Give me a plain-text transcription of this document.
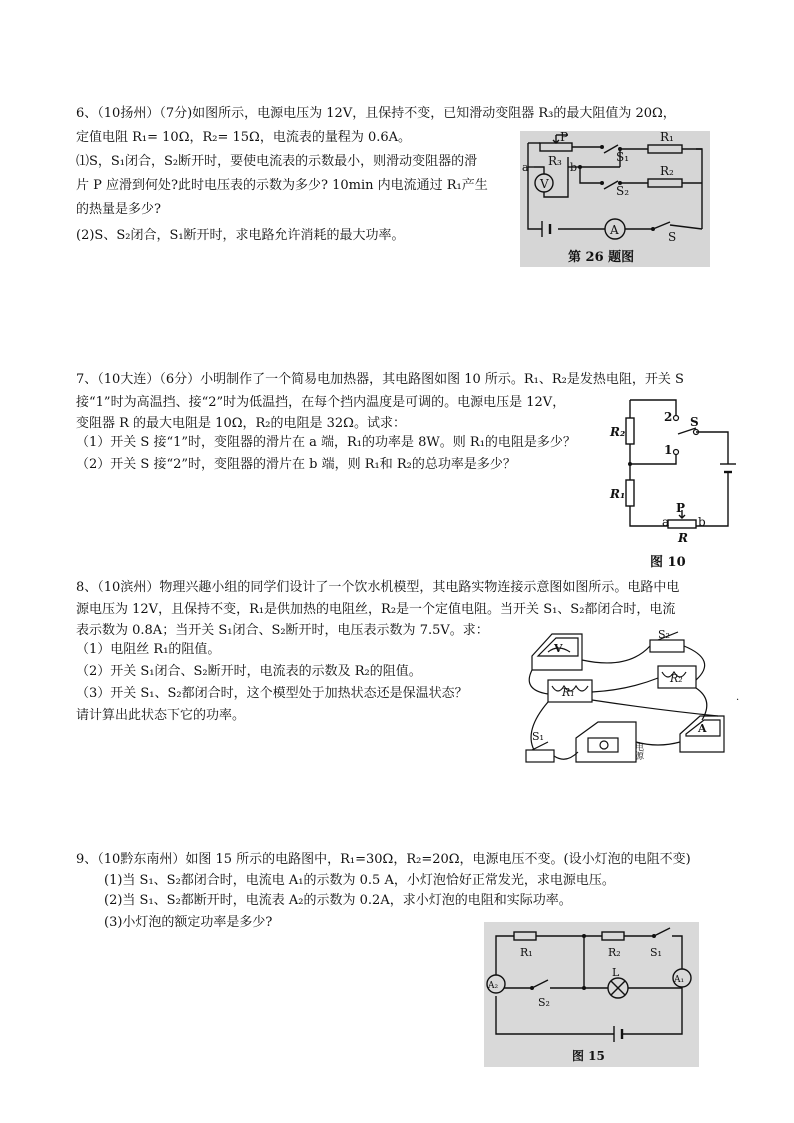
6、（10扬州）（7分)如图所示，电源电压为 12V，且保持不变，已知滑动变阻器 R₃的最大阻值为 20Ω，
定值电阻 R₁= 10Ω，R₂= 15Ω，电流表的量程为 0.6A。
⑴S，S₁闭合，S₂断开时，要使电流表的示数最小，则滑动变阻器的滑
片 P 应滑到何处?此时电压表的示数为多少? 10min 内电流通过 R₁产生
的热量是多少?
(2)S、S₂闭合，S₁断开时，求电路允许消耗的最大功率。
P
R₃
a	b
V
S₁
S₂
R₁
R₂
A	S
第 26 题图
7、（10大连）（6分）小明制作了一个简易电加热器，其电路图如图 10 所示。R₁、R₂是发热电阻，开关 S
接“1”时为高温挡、接“2”时为低温挡，在每个挡内温度是可调的。电源电压是 12V，
变阻器 R 的最大电阻是 10Ω，R₂的电阻是 32Ω。试求：
（1）开关 S 接“1”时，变阻器的滑片在 a 端，R₁的功率是 8W。则 R₁的电阻是多少？
（2）开关 S 接“2”时，变阻器的滑片在 b 端，则 R₁和 R₂的总功率是多少？
R₂
R₁
2
1
S
P
a b
R
图 10
8、（10滨州）物理兴趣小组的同学们设计了一个饮水机模型，其电路实物连接示意图如图所示。电路中电
源电压为 12V，且保持不变，R₁是供加热的电阻丝，R₂是一个定值电阻。当开关 S₁、S₂都闭合时，电流
表示数为 0.8A；当开关 S₁闭合、S₂断开时，电压表示数为 7.5V。求：
（1）电阻丝 R₁的阻值。
（2）开关 S₁闭合、S₂断开时，电流表的示数及 R₂的阻值。
（3）开关 S₁、S₂都闭合时，这个模型处于加热状态还是保温状态？
请计算出此状态下它的功率。
V
R₁
R₂
S₂
S₁
A
电源
.
9、（10黔东南州）如图 15 所示的电路图中，R₁=30Ω，R₂=20Ω，电源电压不变。(设小灯泡的电阻不变)
(1)当 S₁、S₂都闭合时，电流电 A₁的示数为 0.5 A，小灯泡恰好正常发光，求电源电压。
(2)当 S₁、S₂都断开时，电流表 A₂的示数为 0.2A，求小灯泡的电阻和实际功率。
(3)小灯泡的额定功率是多少?
R₁	R₂	S₁
S₂
A₂
A₁
L
图 15
